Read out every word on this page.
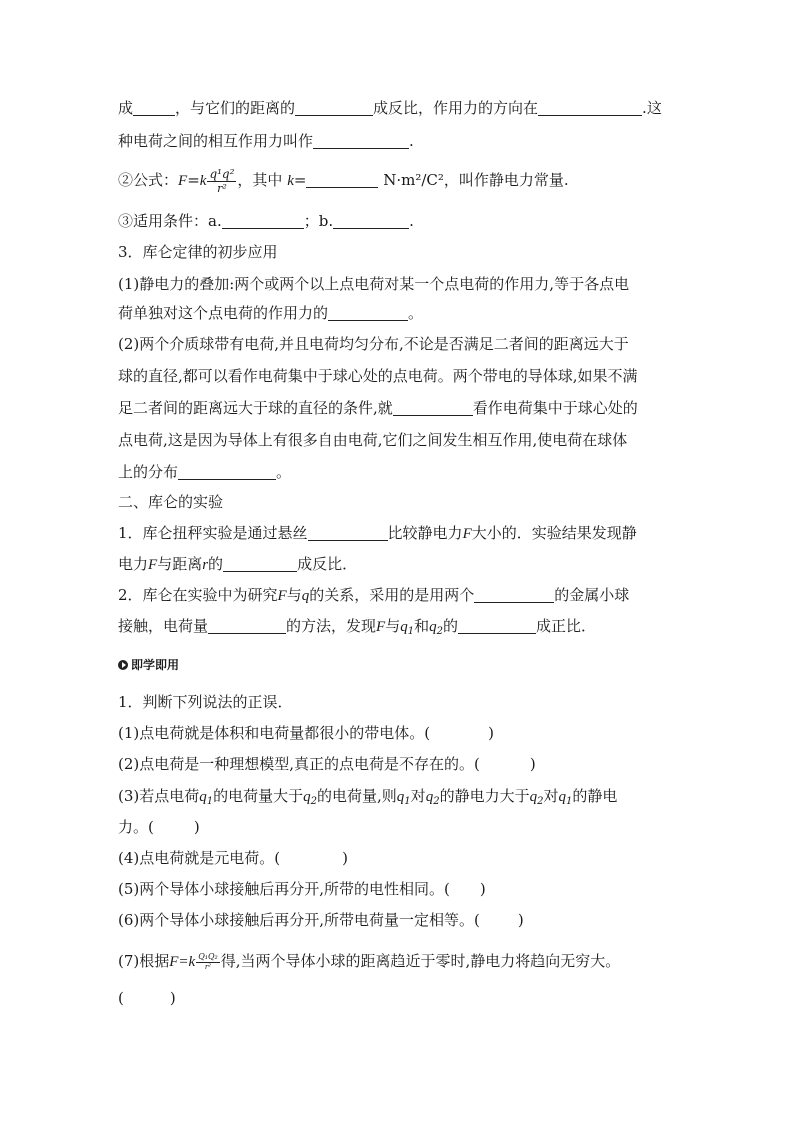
成	，与它们的距离的	成反比，作用力的方向在	.这
种电荷之间的相互作用力叫作	.
②公式：$F=k \frac{\text{q¹q²}}{\text{r²}}$ ，其中 k=	N·m²/C²，叫作静电力常量.
③适用条件：a.	；b.	.
3．库仑定律的初步应用
(1)静电力的叠加:两个或两个以上点电荷对某一个点电荷的作用力,等于各点电
荷单独对这个点电荷的作用力的	。
(2)两个介质球带有电荷,并且电荷均匀分布,不论是否满足二者间的距离远大于
球的直径,都可以看作电荷集中于球心处的点电荷。两个带电的导体球,如果不满
足二者间的距离远大于球的直径的条件,就	看作电荷集中于球心处的
点电荷,这是因为导体上有很多自由电荷,它们之间发生相互作用,使电荷在球体
上的分布	。
二、库仑的实验
1．库仑扭秤实验是通过悬丝	比较静电力F大小的．实验结果发现静
电力F与距离r的	成反比．
2．库仑在实验中为研究F与q的关系，采用的是用两个	的金属小球
接触，电荷量	的方法，发现F与$q_1$和$q_2$的	成正比．
即学即用
1．判断下列说法的正误．
(1)点电荷就是体积和电荷量都很小的带电体。(	)
(2)点电荷是一种理想模型,真正的点电荷是不存在的。(	)
(3)若点电荷$q_1$的电荷量大于$q_2$的电荷量,则$q_1$对$q_2$的静电力大于$q_2$对$q_1$的静电
力。(	)
(4)点电荷就是元电荷。(	)
(5)两个导体小球接触后再分开,所带的电性相同。( )
(6)两个导体小球接触后再分开,所带电荷量一定相等。(	)
(7)根据$F=k \frac{\text{Q₁Q₂}}{\text{r²}}$ 得,当两个导体小球的距离趋近于零时,静电力将趋向无穷大。
(	)
